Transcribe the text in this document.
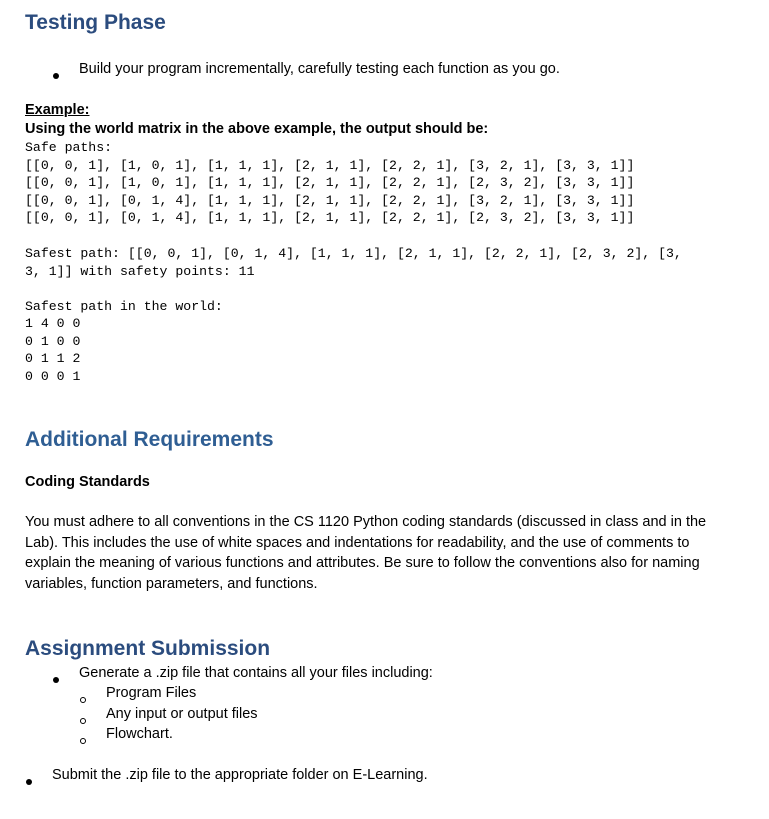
Testing Phase
Build your program incrementally, carefully testing each function as you go.
Example:
Using the world matrix in the above example, the output should be:
Safe paths:
[[0, 0, 1], [1, 0, 1], [1, 1, 1], [2, 1, 1], [2, 2, 1], [3, 2, 1], [3, 3, 1]]
[[0, 0, 1], [1, 0, 1], [1, 1, 1], [2, 1, 1], [2, 2, 1], [2, 3, 2], [3, 3, 1]]
[[0, 0, 1], [0, 1, 4], [1, 1, 1], [2, 1, 1], [2, 2, 1], [3, 2, 1], [3, 3, 1]]
[[0, 0, 1], [0, 1, 4], [1, 1, 1], [2, 1, 1], [2, 2, 1], [2, 3, 2], [3, 3, 1]]
Safest path: [[0, 0, 1], [0, 1, 4], [1, 1, 1], [2, 1, 1], [2, 2, 1], [2, 3, 2], [3,
3, 1]] with safety points: 11
Safest path in the world:
1 4 0 0
0 1 0 0
0 1 1 2
0 0 0 1
Additional Requirements
Coding Standards
You must adhere to all conventions in the CS 1120 Python coding standards (discussed in class and in the Lab). This includes the use of white spaces and indentations for readability, and the use of comments to explain the meaning of various functions and attributes. Be sure to follow the conventions also for naming variables, function parameters, and functions.
Assignment Submission
Generate a .zip file that contains all your files including:
Program Files
Any input or output files
Flowchart.
Submit the .zip file to the appropriate folder on E-Learning.
